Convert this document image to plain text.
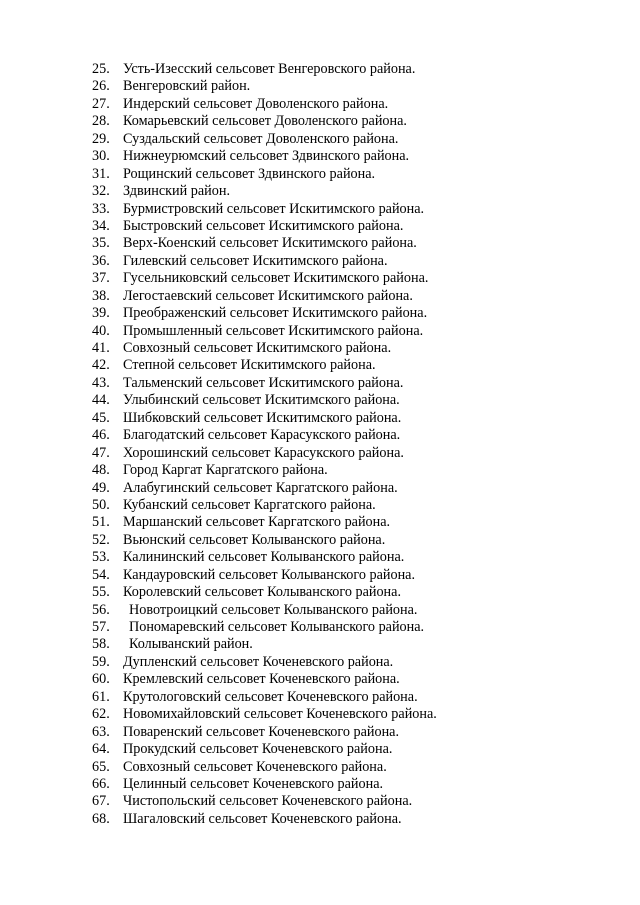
25. Усть-Изесский сельсовет Венгеровского района.
26. Венгеровский район.
27. Индерский сельсовет Доволенского района.
28. Комарьевский сельсовет Доволенского района.
29. Суздальский сельсовет Доволенского района.
30. Нижнеурюмский сельсовет Здвинского района.
31. Рощинский сельсовет Здвинского района.
32. Здвинский район.
33. Бурмистровский сельсовет Искитимского района.
34. Быстровский сельсовет Искитимского района.
35. Верх-Коенский сельсовет Искитимского района.
36. Гилевский сельсовет Искитимского района.
37. Гусельниковский сельсовет Искитимского района.
38. Легостаевский сельсовет Искитимского района.
39. Преображенский сельсовет Искитимского района.
40. Промышленный сельсовет Искитимского района.
41. Совхозный сельсовет Искитимского района.
42. Степной сельсовет Искитимского района.
43. Тальменский сельсовет Искитимского района.
44. Улыбинский сельсовет Искитимского района.
45. Шибковский сельсовет Искитимского района.
46. Благодатский сельсовет Карасукского района.
47. Хорошинский сельсовет Карасукского района.
48. Город Каргат Каргатского района.
49. Алабугинский сельсовет Каргатского района.
50. Кубанский сельсовет Каргатского района.
51. Маршанский сельсовет Каргатского района.
52. Вьюнский сельсовет Колыванского района.
53. Калининский сельсовет Колыванского района.
54. Кандауровский сельсовет Колыванского района.
55. Королевский сельсовет Колыванского района.
56.	Новотроицкий сельсовет Колыванского района.
57.	Пономаревский сельсовет Колыванского района.
58.	Колыванский район.
59. Дупленский сельсовет Коченевского района.
60. Кремлевский сельсовет Коченевского района.
61. Крутологовский сельсовет Коченевского района.
62. Новомихайловский сельсовет Коченевского района.
63. Поваренский сельсовет Коченевского района.
64. Прокудский сельсовет Коченевского района.
65. Совхозный сельсовет Коченевского района.
66. Целинный сельсовет Коченевского района.
67. Чистопольский сельсовет Коченевского района.
68. Шагаловский сельсовет Коченевского района.
